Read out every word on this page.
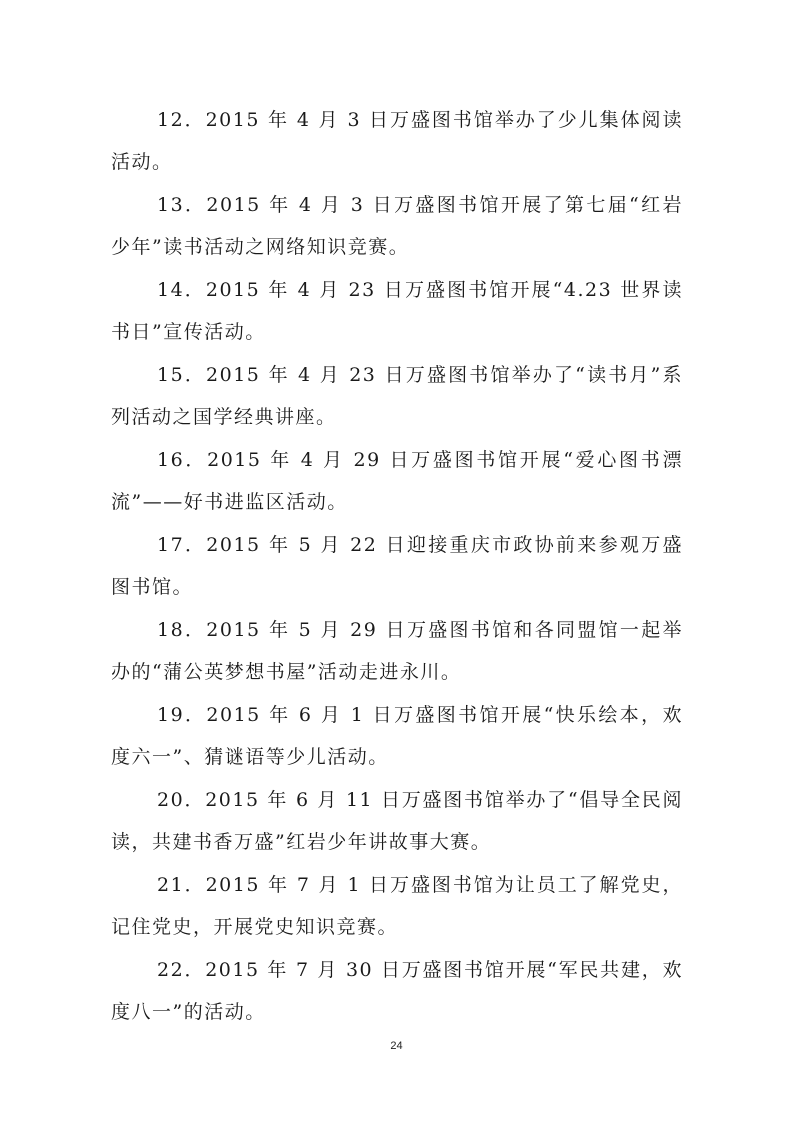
12．2015 年 4 月 3 日万盛图书馆举办了少儿集体阅读活动。

13．2015 年 4 月 3 日万盛图书馆开展了第七届“红岩少年”读书活动之网络知识竞赛。

14．2015 年 4 月 23 日万盛图书馆开展“4.23 世界读书日”宣传活动。

15．2015 年 4 月 23 日万盛图书馆举办了“读书月”系列活动之国学经典讲座。

16．2015 年 4 月 29 日万盛图书馆开展“爱心图书漂流”——好书进监区活动。

17．2015 年 5 月 22 日迎接重庆市政协前来参观万盛图书馆。

18．2015 年 5 月 29 日万盛图书馆和各同盟馆一起举办的“蒲公英梦想书屋”活动走进永川。

19．2015 年 6 月 1 日万盛图书馆开展“快乐绘本，欢度六一”、猜谜语等少儿活动。

20．2015 年 6 月 11 日万盛图书馆举办了“倡导全民阅读，共建书香万盛”红岩少年讲故事大赛。

21．2015 年 7 月 1 日万盛图书馆为让员工了解党史，记住党史，开展党史知识竞赛。

22．2015 年 7 月 30 日万盛图书馆开展“军民共建，欢度八一”的活动。

24
